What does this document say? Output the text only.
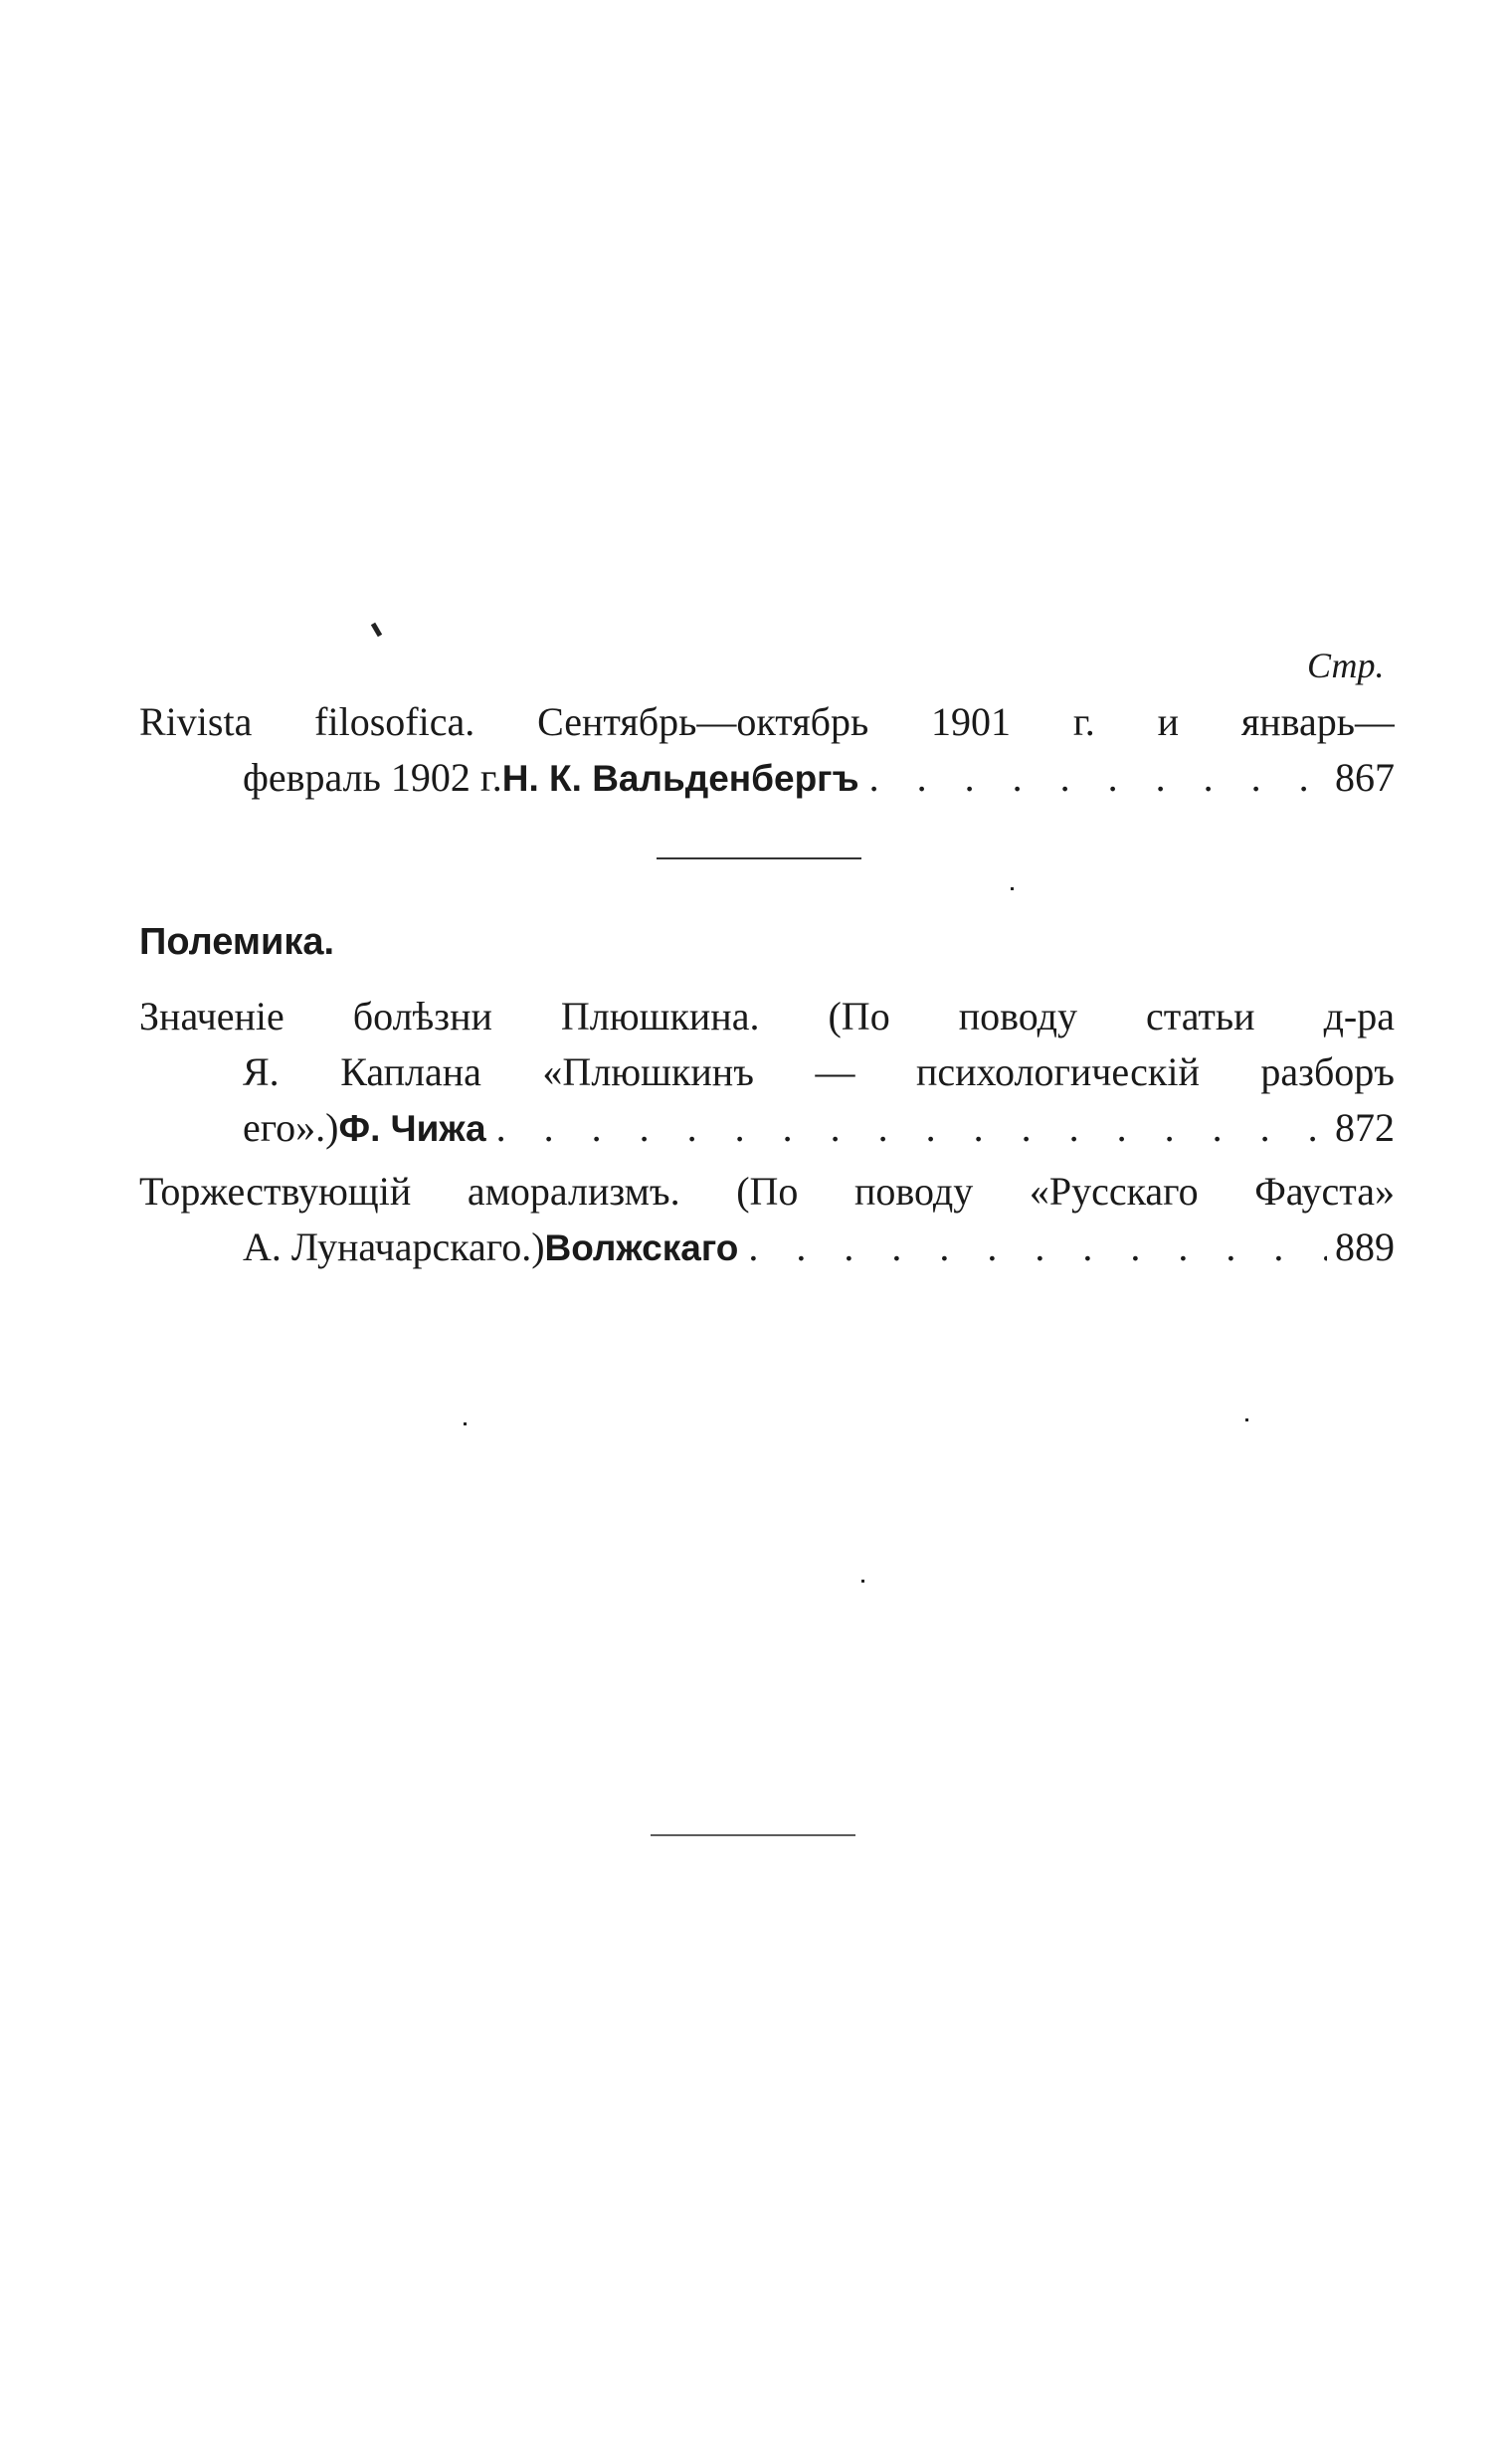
Стр.
Rivista filosofica. Сентябрь—октябрь 1901 г. и январь—
февраль 1902 г. Н. К. Вальденбергъ . . .	867
Полемика.
Значеніе болѣзни Плюшкина. (По поводу статьи д-ра
Я. Каплана «Плюшкинъ — психологическій разборъ
его».) Ф. Чижа . . .	872
Торжествующій аморализмъ. (По поводу «Русскаго Фауста»
А. Луначарскаго.) Волжскаго . . .	889
